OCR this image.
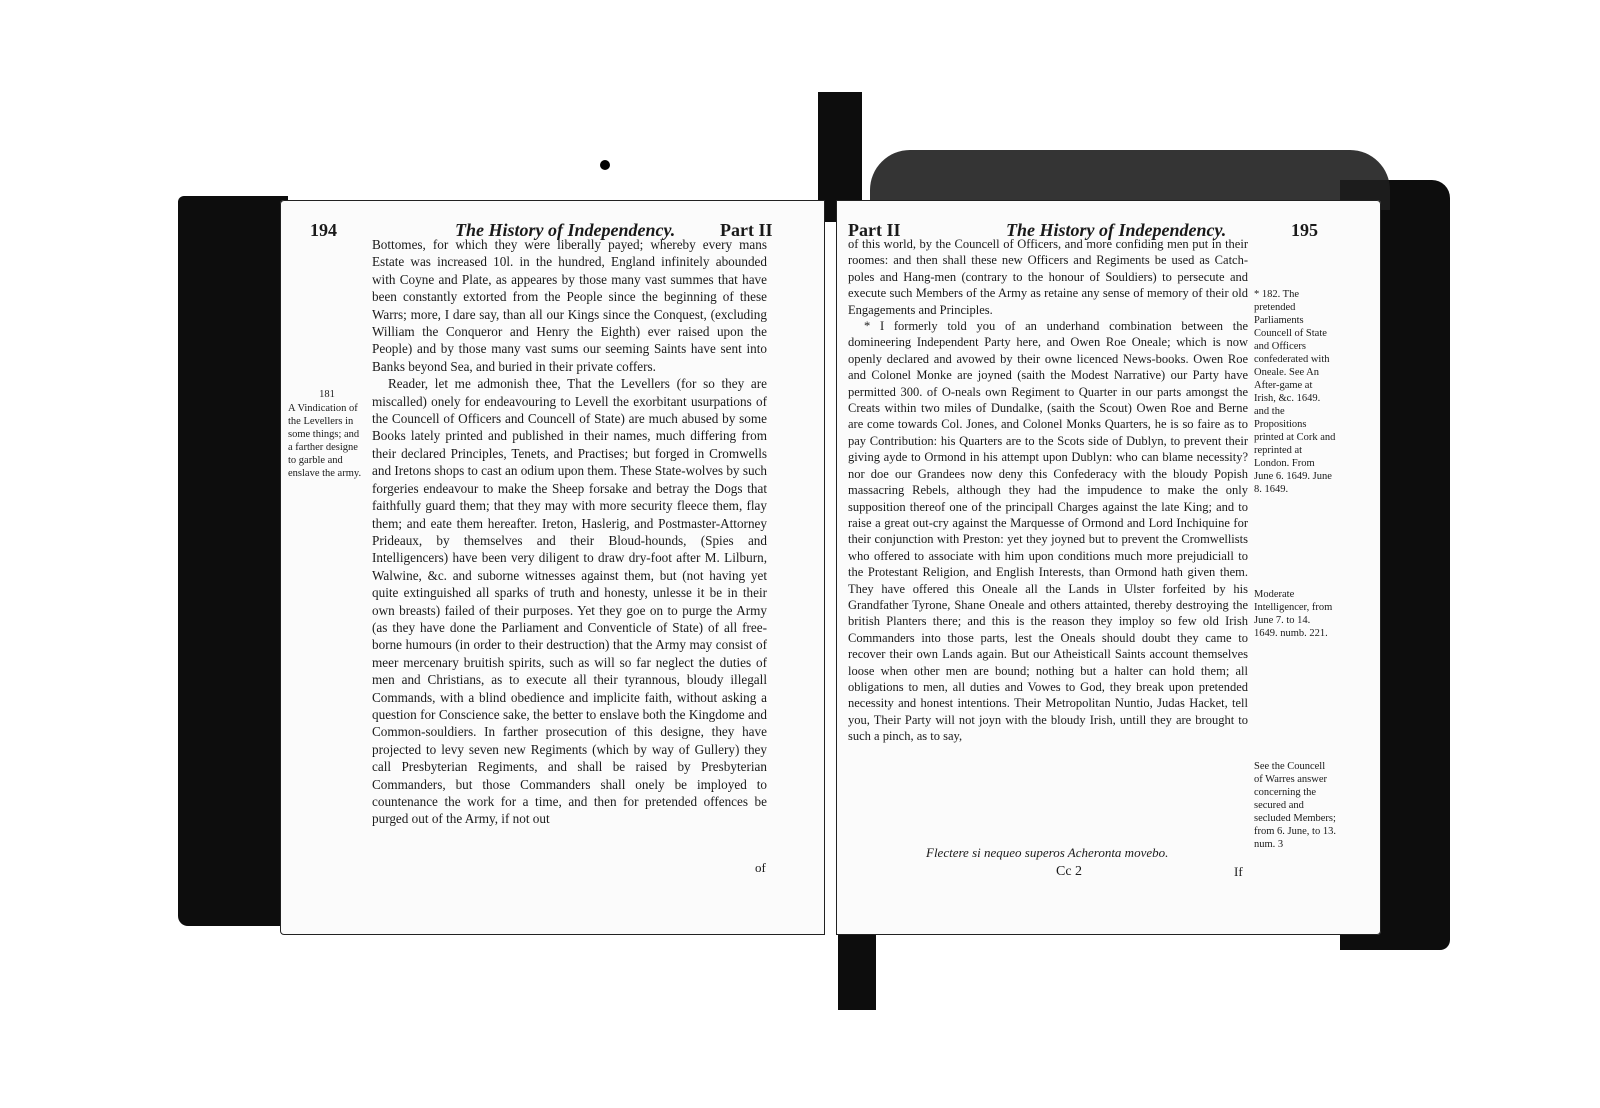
194	The History of Independency. Part II
181
A Vindication of the Levellers in some things; and a farther designe to garble and enslave the army.

Bottomes, for which they were liberally payed; whereby every mans Estate was increased 10l. in the hundred, England infinitely abounded with Coyne and Plate, as appeares by those many vast summes that have been constantly extorted from the People since the beginning of these Warrs; more, I dare say, than all our Kings since the Conquest, (excluding William the Conqueror and Henry the Eighth) ever raised upon the People) and by those many vast sums our seeming Saints have sent into Banks beyond Sea, and buried in their private coffers.

Reader, let me admonish thee, That the Levellers (for so they are miscalled) onely for endeavouring to Levell the exorbitant usurpations of the Councell of Officers and Councell of State) are much abused by some Books lately printed and published in their names, much differing from their declared Principles, Tenets, and Practises; but forged in Cromwells and Iretons shops to cast an odium upon them. These State-wolves by such forgeries endeavour to make the Sheep forsake and betray the Dogs that faithfully guard them; that they may with more security fleece them, flay them; and eate them hereafter. Ireton, Haslerig, and Postmaster-Attorney Prideaux, by themselves and their Bloud-hounds, (Spies and Intelligencers) have been very diligent to draw dry-foot after M. Lilburn, Walwine, &c. and suborne witnesses against them, but (not having yet quite extinguished all sparks of truth and honesty, unlesse it be in their own breasts) failed of their purposes. Yet they goe on to purge the Army (as they have done the Parliament and Conventicle of State) of all free-borne humours (in order to their destruction) that the Army may consist of meer mercenary bruitish spirits, such as will so far neglect the duties of men and Christians, as to execute all their tyrannous, bloudy illegall Commands, with a blind obedience and implicite faith, without asking a question for Conscience sake, the better to enslave both the Kingdome and Common-souldiers. In farther prosecution of this designe, they have projected to levy seven new Regiments (which by way of Gullery) they call Presbyterian Regiments, and shall be raised by Presbyterian Commanders, but those Commanders shall onely be imployed to countenance the work for a time, and then for pretended offences be purged out of the Army, if not out

of
Part II	The History of Independency.	195

of this world, by the Councell of Officers, and more confiding men put in their roomes: and then shall these new Officers and Regiments be used as Catch-poles and Hang-men (contrary to the honour of Souldiers) to persecute and execute such Members of the Army as retaine any sense of memory of their old Engagements and Principles.

* I formerly told you of an underhand combination between the domineering Independent Party here, and Owen Roe Oneale; which is now openly declared and avowed by their owne licenced News-books. Owen Roe and Colonel Monke are joyned (saith the Modest Narrative) our Party have permitted 300. of O-neals own Regiment to Quarter in our parts amongst the Creats within two miles of Dundalke, (saith the Scout) Owen Roe and Berne are come towards Col. Jones, and Colonel Monks Quarters, he is so faire as to pay Contribution: his Quarters are to the Scots side of Dublyn, to prevent their giving ayde to Ormond in his attempt upon Dublyn: who can blame necessity? nor doe our Grandees now deny this Confederacy with the bloudy Popish massacring Rebels, although they had the impudence to make the only supposition thereof one of the principall Charges against the late King; and to raise a great out-cry against the Marquesse of Ormond and Lord Inchiquine for their conjunction with Preston: yet they joyned but to prevent the Cromwellists who offered to associate with him upon conditions much more prejudiciall to the Protestant Religion, and English Interests, than Ormond hath given them. They have offered this Oneale all the Lands in Ulster forfeited by his Grandfather Tyrone, Shane Oneale and others attainted, thereby destroying the british Planters there; and this is the reason they imploy so few old Irish Commanders into those parts, lest the Oneals should doubt they came to recover their own Lands again. But our Atheisticall Saints account themselves loose when other men are bound; nothing but a halter can hold them; all obligations to men, all duties and Vowes to God, they break upon pretended necessity and honest intentions. Their Metropolitan Nuntio, Judas Hacket, tell you, Their Party will not joyn with the bloudy Irish, untill they are brought to such a pinch, as to say,

Flectere si nequeo superos Acheronta movebo.
Cc 2	If
* 182. The pretended Parliaments Councell of State and Officers confederated with Oneale. See An After-game at Irish, &c. 1649. and the Propositions printed at Cork and reprinted at London. From June 6. 1649. June 8. 1649.
Moderate Intelligencer, from June 7. to 14. 1649. numb. 221.
See the Councell of Warres answer concerning the secured and secluded Members; from 6. June, to 13. num. 3
